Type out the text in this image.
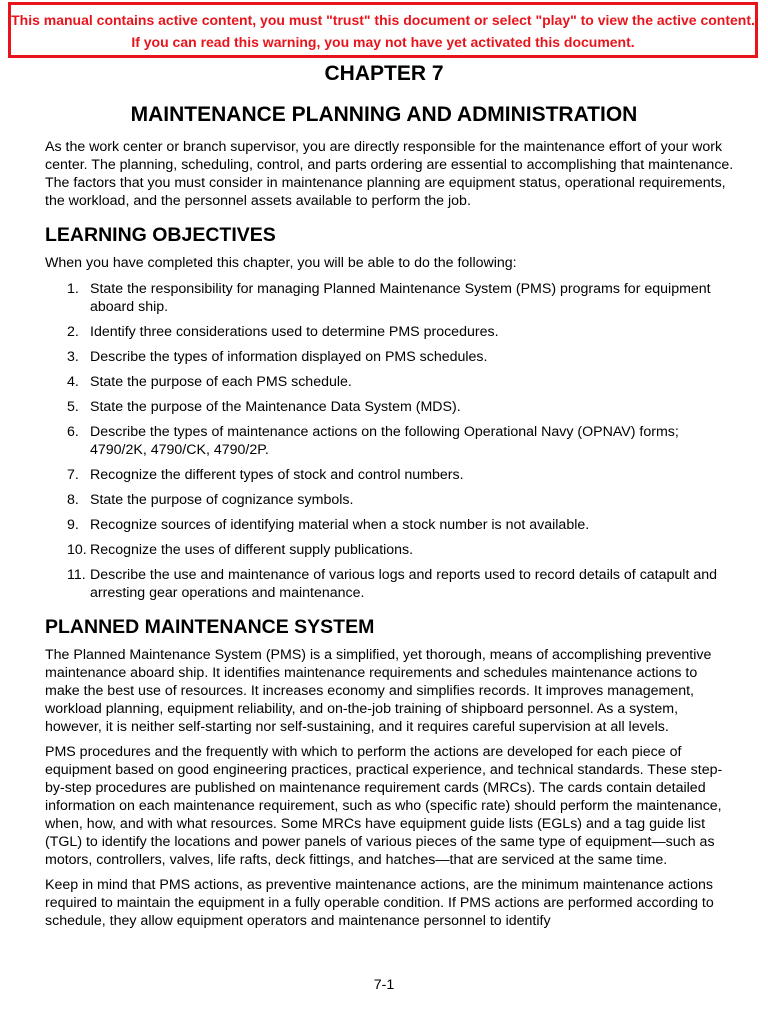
This manual contains active content, you must "trust" this document or select "play" to view the active content.
If you can read this warning, you may not have yet activated this document.
CHAPTER 7
MAINTENANCE PLANNING AND ADMINISTRATION

As the work center or branch supervisor, you are directly responsible for the maintenance effort of your work center. The planning, scheduling, control, and parts ordering are essential to accomplishing that maintenance. The factors that you must consider in maintenance planning are equipment status, operational requirements, the workload, and the personnel assets available to perform the job.

LEARNING OBJECTIVES

When you have completed this chapter, you will be able to do the following:

1. State the responsibility for managing Planned Maintenance System (PMS) programs for equipment aboard ship.
2. Identify three considerations used to determine PMS procedures.
3. Describe the types of information displayed on PMS schedules.
4. State the purpose of each PMS schedule.
5. State the purpose of the Maintenance Data System (MDS).
6. Describe the types of maintenance actions on the following Operational Navy (OPNAV) forms; 4790/2K, 4790/CK, 4790/2P.
7. Recognize the different types of stock and control numbers.
8. State the purpose of cognizance symbols.
9. Recognize sources of identifying material when a stock number is not available.
10. Recognize the uses of different supply publications.
11. Describe the use and maintenance of various logs and reports used to record details of catapult and arresting gear operations and maintenance.
PLANNED MAINTENANCE SYSTEM

The Planned Maintenance System (PMS) is a simplified, yet thorough, means of accomplishing preventive maintenance aboard ship. It identifies maintenance requirements and schedules maintenance actions to make the best use of resources. It increases economy and simplifies records. It improves management, workload planning, equipment reliability, and on-the-job training of shipboard personnel. As a system, however, it is neither self-starting nor self-sustaining, and it requires careful supervision at all levels.

PMS procedures and the frequently with which to perform the actions are developed for each piece of equipment based on good engineering practices, practical experience, and technical standards. These step-by-step procedures are published on maintenance requirement cards (MRCs). The cards contain detailed information on each maintenance requirement, such as who (specific rate) should perform the maintenance, when, how, and with what resources. Some MRCs have equipment guide lists (EGLs) and a tag guide list (TGL) to identify the locations and power panels of various pieces of the same type of equipment—such as motors, controllers, valves, life rafts, deck fittings, and hatches—that are serviced at the same time.

Keep in mind that PMS actions, as preventive maintenance actions, are the minimum maintenance actions required to maintain the equipment in a fully operable condition. If PMS actions are performed according to schedule, they allow equipment operators and maintenance personnel to identify

7-1
